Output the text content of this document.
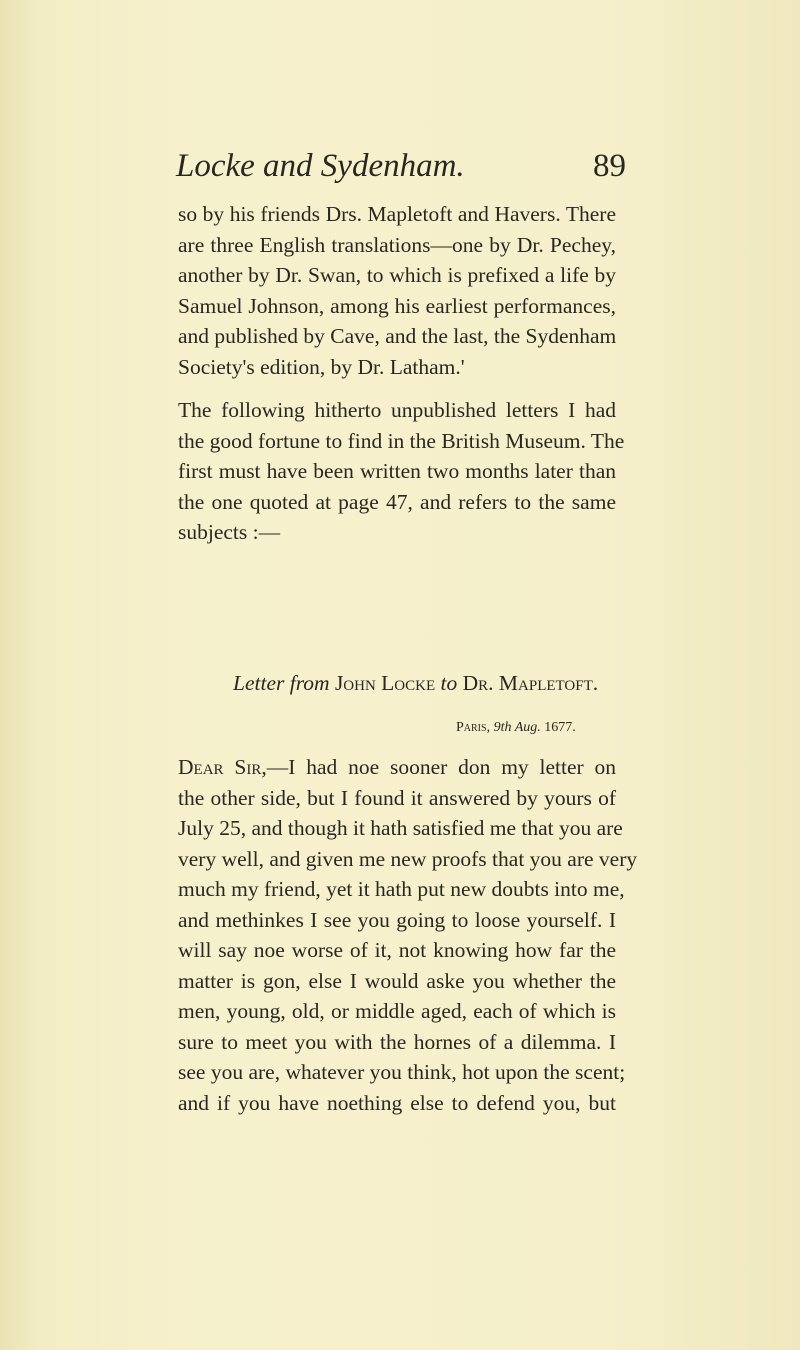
Locke and Sydenham.	89
so by his friends Drs. Mapletoft and Havers. There
are three English translations—one by Dr. Pechey,
another by Dr. Swan, to which is prefixed a life by
Samuel Johnson, among his earliest performances,
and published by Cave, and the last, the Sydenham
Society's edition, by Dr. Latham.'
The following hitherto unpublished letters I had
the good fortune to find in the British Museum. The
first must have been written two months later than
the one quoted at page 47, and refers to the same
subjects :—
Letter from John Locke to Dr. Mapletoft.
Paris, 9th Aug. 1677.
Dear Sir,—I had noe sooner don my letter on
the other side, but I found it answered by yours of
July 25, and though it hath satisfied me that you are
very well, and given me new proofs that you are very
much my friend, yet it hath put new doubts into me,
and methinkes I see you going to loose yourself. I
will say noe worse of it, not knowing how far the
matter is gon, else I would aske you whether the
men, young, old, or middle aged, each of which is
sure to meet you with the hornes of a dilemma. I
see you are, whatever you think, hot upon the scent;
and if you have noething else to defend you, but
